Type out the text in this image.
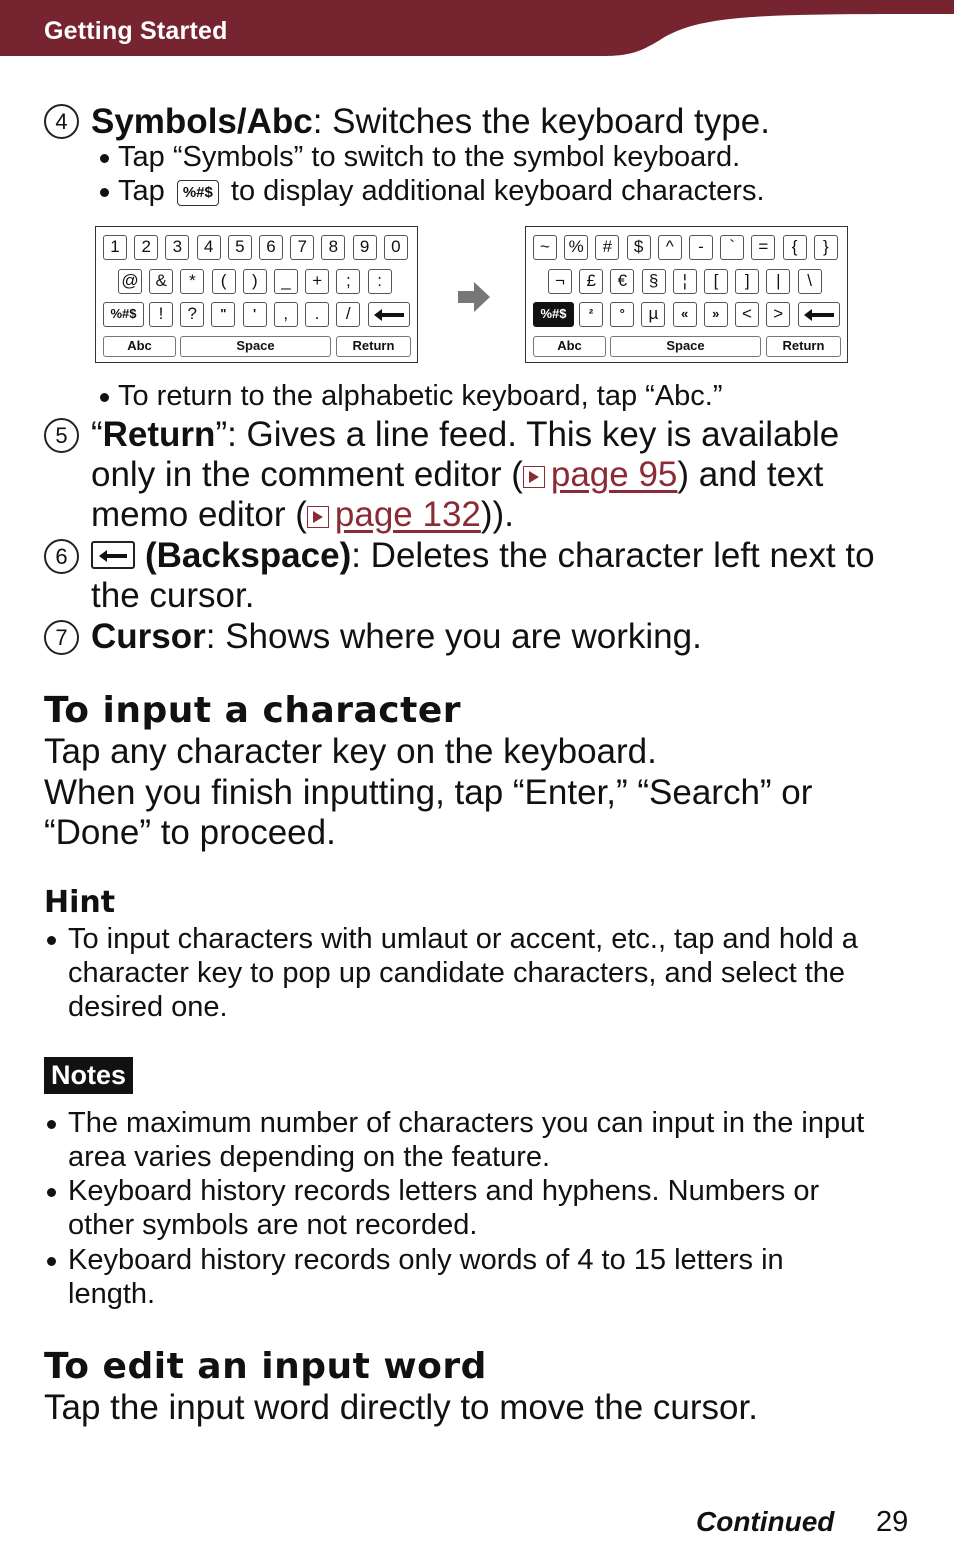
Getting Started
4 Symbols/Abc: Switches the keyboard type.
Tap “Symbols” to switch to the symbol keyboard.
Tap %#$ to display additional keyboard characters.
1	2	3	4	5	6	7	8	9	0
@ &	*	(	)	_	+	;	:
%#$	!	?	"	'	,	.	/
Abc	Space	Return
~	%	#	$	^	-	`	=	{	}
¬	£	€	§	¦	[	]	|	\
%#$	²	°	µ	«	»	<	>
Abc	Space	Return
To return to the alphabetic keyboard, tap “Abc.”
5 “Return”: Gives a line feed. This key is available
only in the comment editor ( page 95) and text
memo editor ( page 132)).
6	(Backspace): Deletes the character left next to
the cursor.
7 Cursor: Shows where you are working.
To input a character
Tap any character key on the keyboard.
When you finish inputting, tap “Enter,” “Search” or
“Done” to proceed.
Hint
To input characters with umlaut or accent, etc., tap and hold a
character key to pop up candidate characters, and select the
desired one.
Notes
The maximum number of characters you can input in the input
area varies depending on the feature.
Keyboard history records letters and hyphens. Numbers or
other symbols are not recorded.
Keyboard history records only words of 4 to 15 letters in
length.
To edit an input word
Tap the input word directly to move the cursor.
Continued 29
